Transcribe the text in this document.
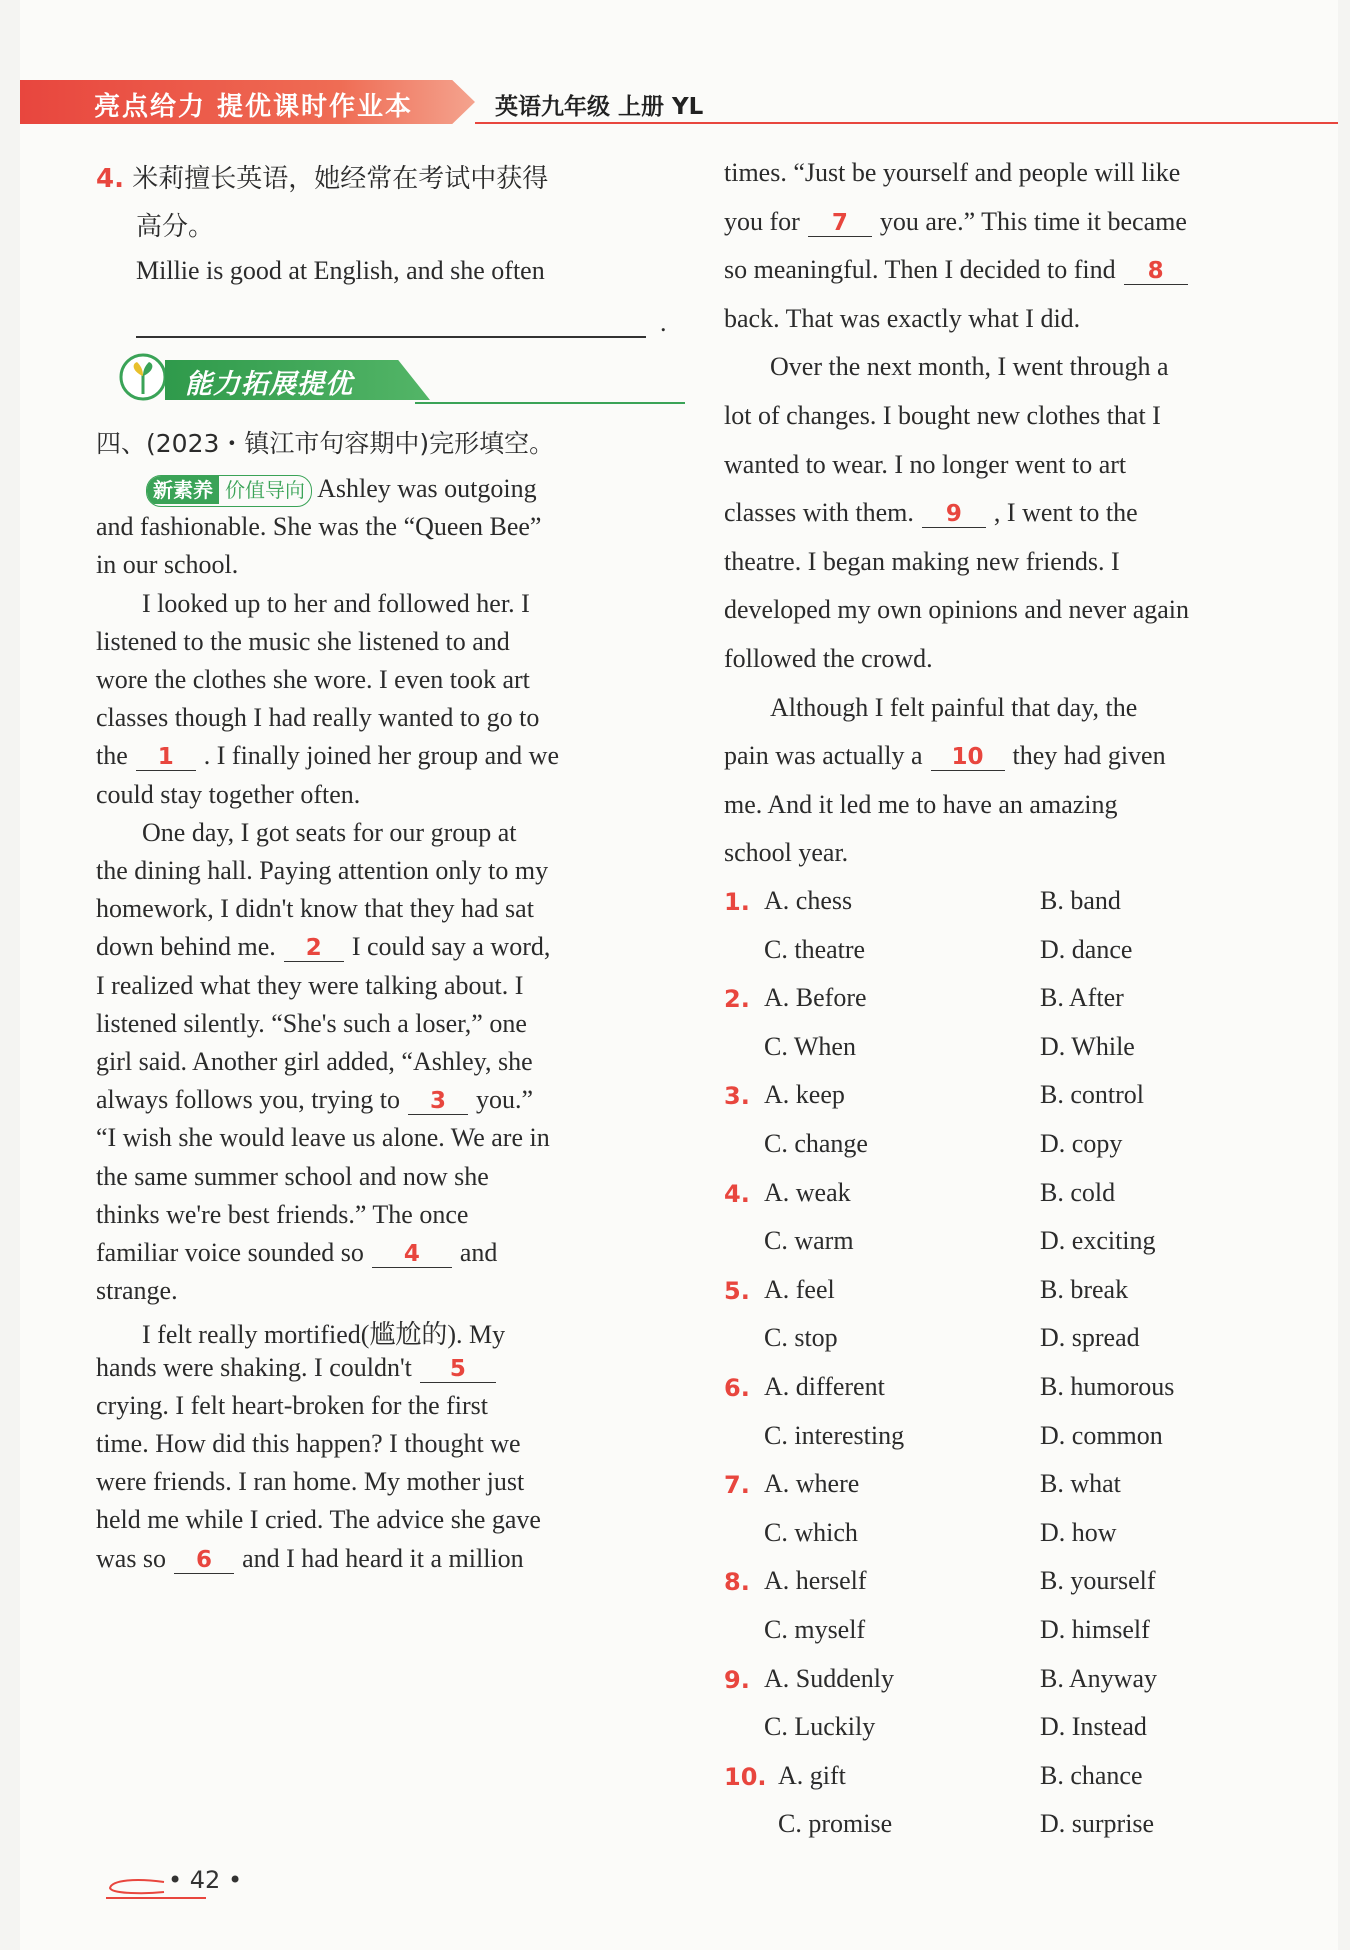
亮点给力 提优课时作业本	英语九年级 上册 YL
4. 米莉擅长英语，她经常在考试中获得
高分。
Millie is good at English, and she often
.
能力拓展提优
四、(2023・镇江市句容期中)完形填空。
新素养 价值导向 Ashley was outgoing
and fashionable. She was the “Queen Bee”
in our school.
I looked up to her and followed her. I
listened to the music she listened to and
wore the clothes she wore. I even took art
classes though I had really wanted to go to
the 1 . I finally joined her group and we
could stay together often.
One day, I got seats for our group at
the dining hall. Paying attention only to my
homework, I didn't know that they had sat
down behind me. 2 I could say a word,
I realized what they were talking about. I
listened silently. “She's such a loser,” one
girl said. Another girl added, “Ashley, she
always follows you, trying to 3 you.”
“I wish she would leave us alone. We are in
the same summer school and now she
thinks we're best friends.” The once
familiar voice sounded so 4 and
strange.
I felt really mortified(尴尬的). My
hands were shaking. I couldn't 5
crying. I felt heart-broken for the first
time. How did this happen? I thought we
were friends. I ran home. My mother just
held me while I cried. The advice she gave
was so 6 and I had heard it a million
times. “Just be yourself and people will like
you for 7 you are.” This time it became
so meaningful. Then I decided to find 8
back. That was exactly what I did.
Over the next month, I went through a
lot of changes. I bought new clothes that I
wanted to wear. I no longer went to art
classes with them. 9 , I went to the
theatre. I began making new friends. I
developed my own opinions and never again
followed the crowd.
Although I felt painful that day, the
pain was actually a 10 they had given
me. And it led me to have an amazing
school year.
1. A. chess	B. band
C. theatre	D. dance
2. A. Before	B. After
C. When	D. While
3. A. keep	B. control
C. change	D. copy
4. A. weak	B. cold
C. warm	D. exciting
5. A. feel	B. break
C. stop	D. spread
6. A. different	B. humorous
C. interesting	D. common
7. A. where	B. what
C. which	D. how
8. A. herself	B. yourself
C. myself	D. himself
9. A. Suddenly	B. Anyway
C. Luckily	D. Instead
10. A. gift	B. chance
C. promise	D. surprise
• 42 •
